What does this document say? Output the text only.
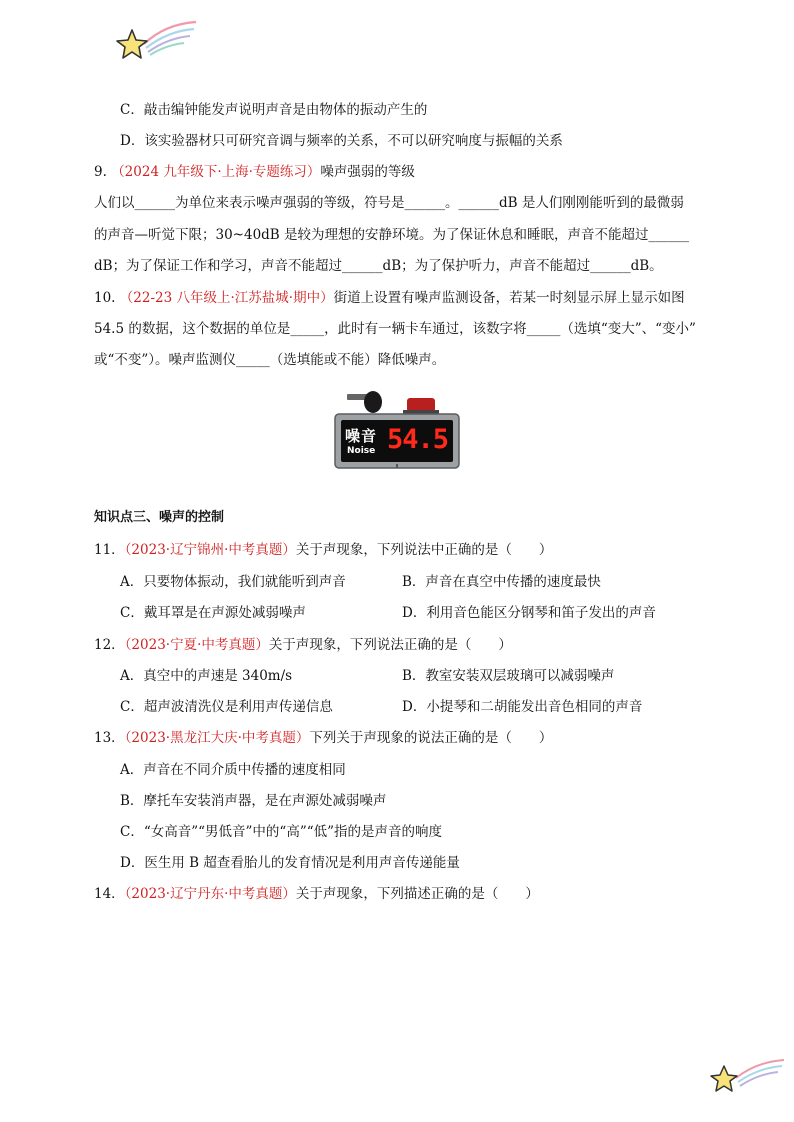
C．敲击编钟能发声说明声音是由物体的振动产生的
D．该实验器材只可研究音调与频率的关系，不可以研究响度与振幅的关系
9. （2024 九年级下·上海·专题练习）噪声强弱的等级
人们以______为单位来表示噪声强弱的等级，符号是______。______dB 是人们刚刚能听到的最微弱
的声音—听觉下限；30~40dB 是较为理想的安静环境。为了保证休息和睡眠，声音不能超过______
dB；为了保证工作和学习，声音不能超过______dB；为了保护听力，声音不能超过______dB。
10. （22-23 八年级上·江苏盐城·期中）街道上设置有噪声监测设备，若某一时刻显示屏上显示如图
54.5 的数据，这个数据的单位是_____，此时有一辆卡车通过，该数字将_____（选填“变大”、“变小”
或“不变”）。噪声监测仪_____（选填能或不能）降低噪声。
噪音
Noise 54.5
知识点三、噪声的控制
11．（2023·辽宁锦州·中考真题）关于声现象，下列说法中正确的是（　　）
A．只要物体振动，我们就能听到声音	B．声音在真空中传播的速度最快
C．戴耳罩是在声源处减弱噪声	D．利用音色能区分钢琴和笛子发出的声音
12．（2023·宁夏·中考真题）关于声现象，下列说法正确的是（　　）
A．真空中的声速是 340m/s	B．教室安装双层玻璃可以减弱噪声
C．超声波清洗仪是利用声传递信息	D．小提琴和二胡能发出音色相同的声音
13．（2023·黑龙江大庆·中考真题）下列关于声现象的说法正确的是（　　）
A．声音在不同介质中传播的速度相同
B．摩托车安装消声器，是在声源处减弱噪声
C．“女高音”“男低音”中的“高”“低”指的是声音的响度
D．医生用 B 超查看胎儿的发育情况是利用声音传递能量
14．（2023·辽宁丹东·中考真题）关于声现象，下列描述正确的是（　　）
